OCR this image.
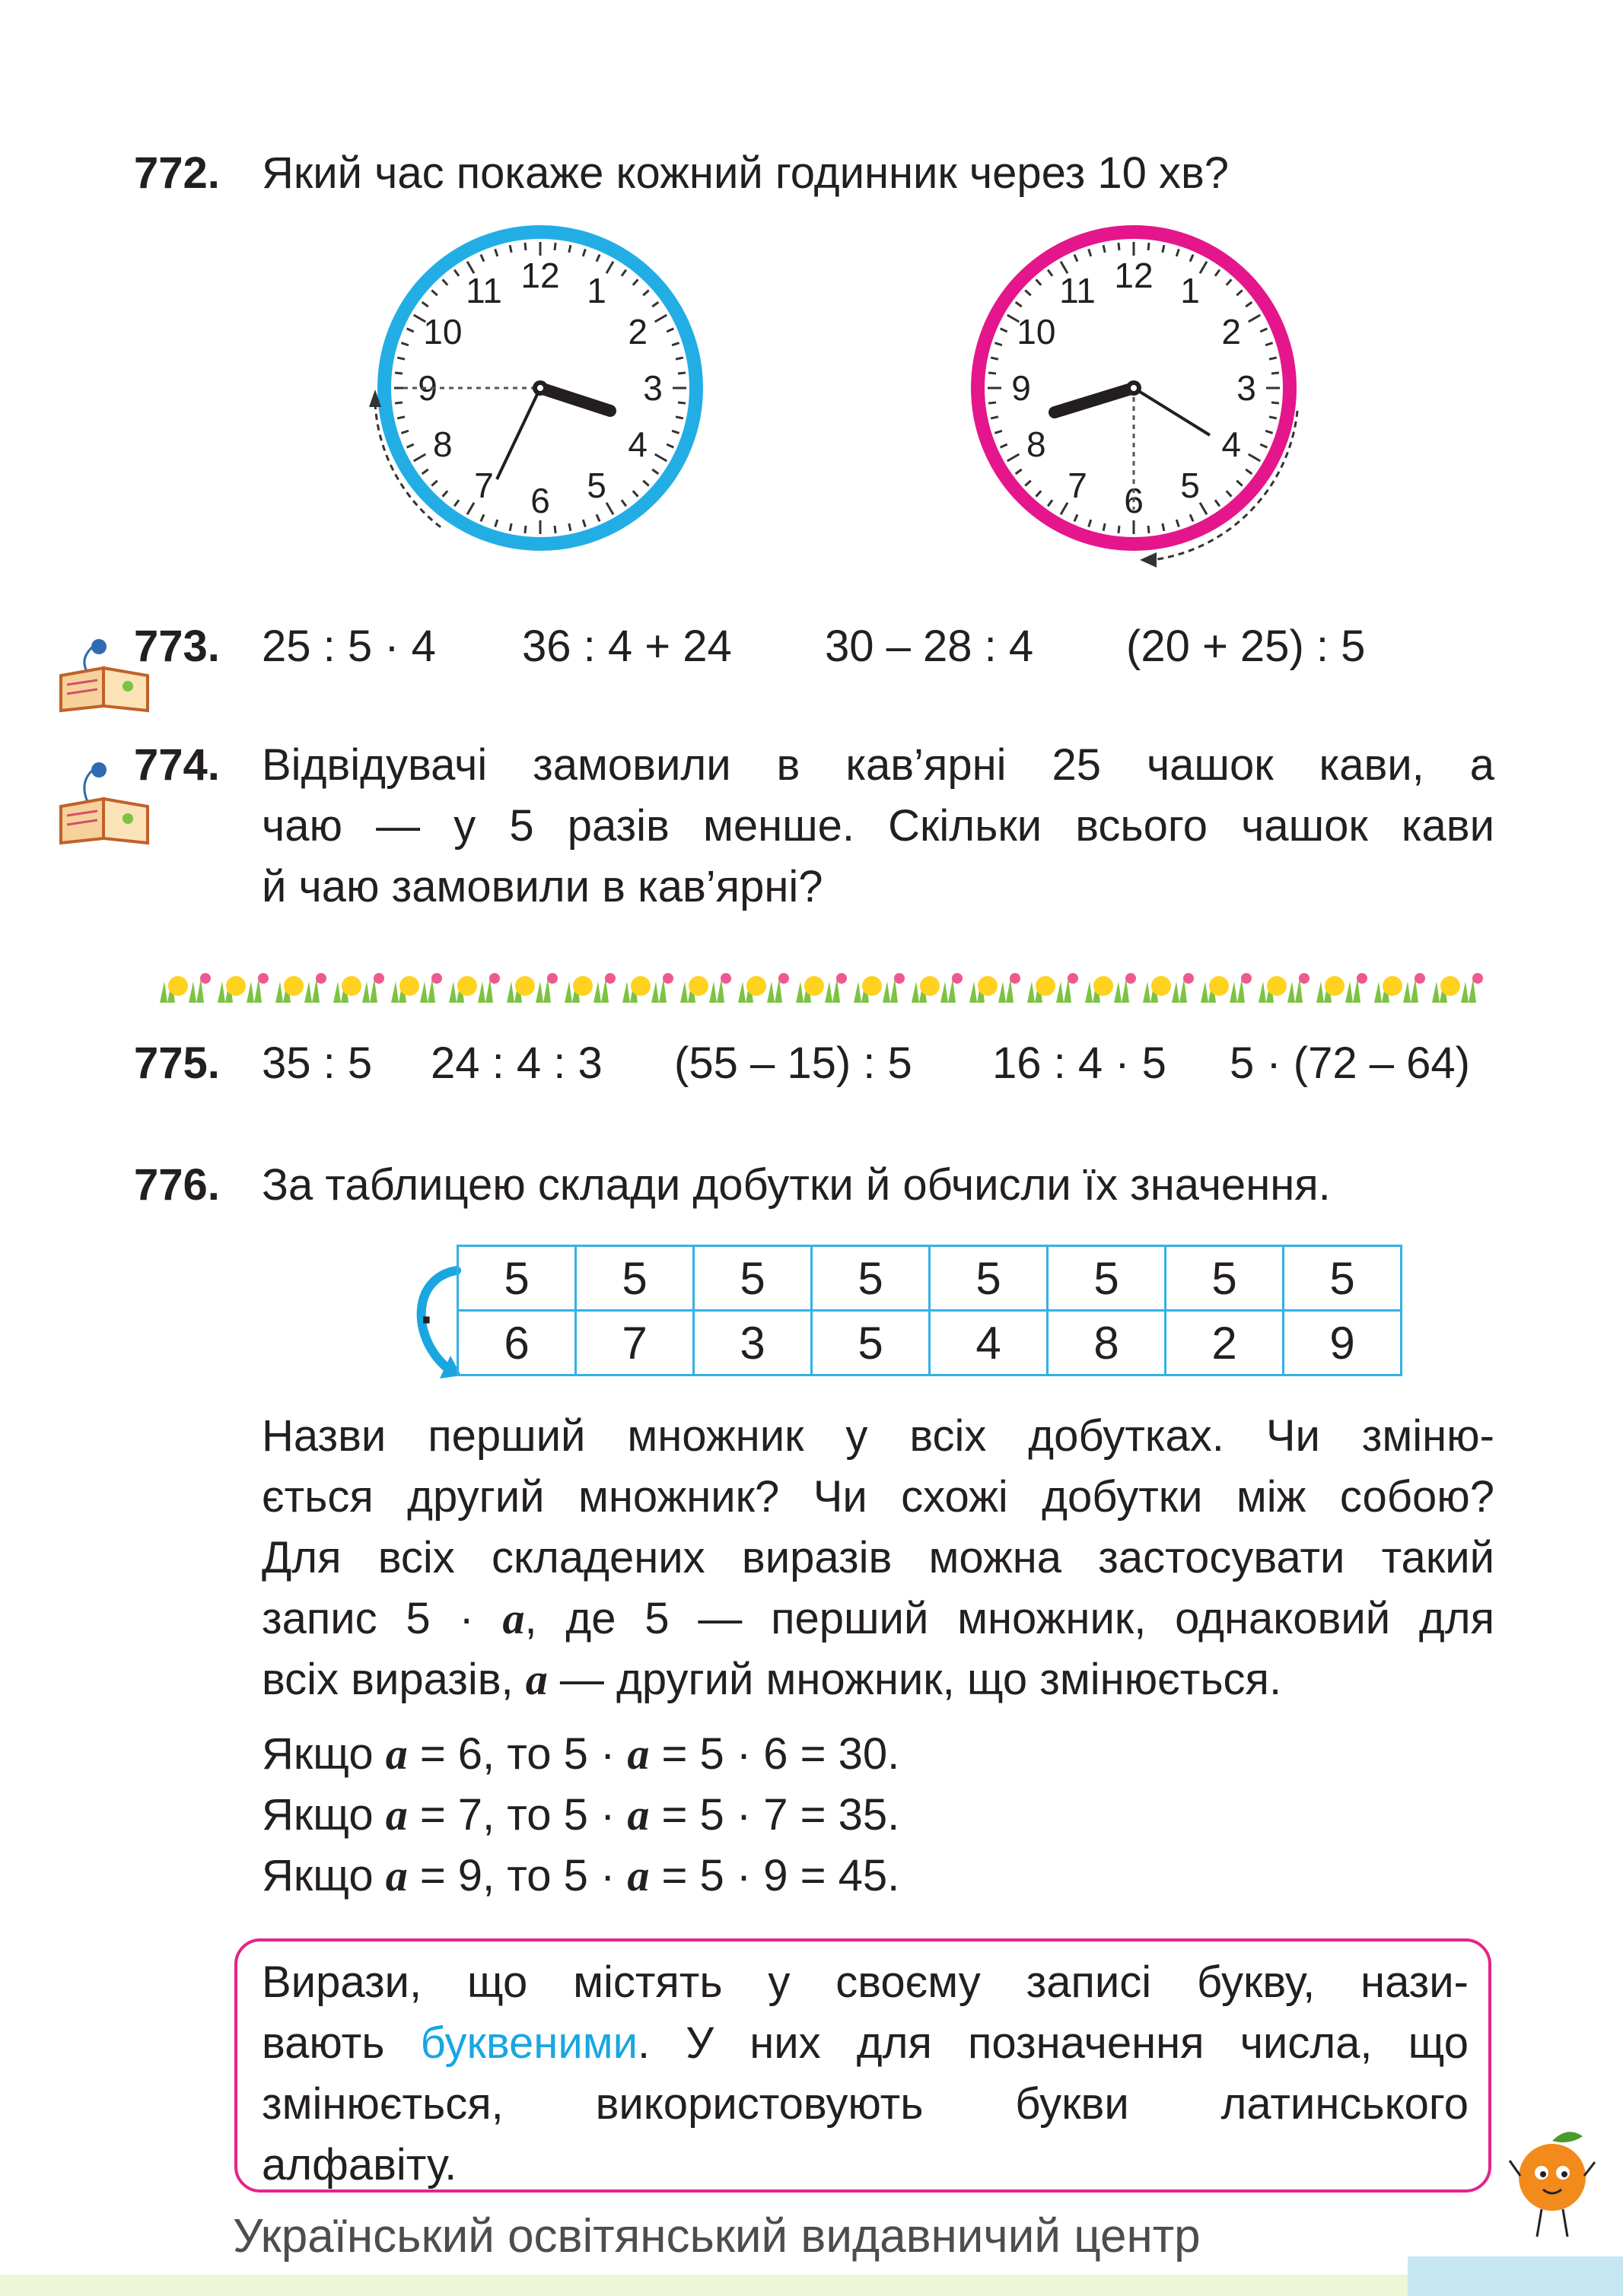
772. Який час покаже кожний годинник через 10 хв?
12 1
2
3
4
5
6
7
8
9
10
11	12 1
2
3
4
5
6
7
8
9
10
11
773. 25 : 5 · 4 36 : 4 + 24 30 – 28 : 4 (20 + 25) : 5
774. Відвідувачі замовили в кав’ярні 25 чашок кави, а
чаю — у 5 разів менше. Скільки всього чашок кави
й чаю замовили в кав’ярні?
775. 35 : 5 24 : 4 : 3 (55 – 15) : 5 16 : 4 · 5 5 · (72 – 64)
776. За таблицею склади добутки й обчисли їх значення.
·
5	5	5	5	5	5	5	5
6	7	3	5	4	8	2	9
Назви перший множник у всіх добутках. Чи зміню-
ється другий множник? Чи схожі добутки між собою?
Для всіх складених виразів можна застосувати такий
запис 5 · a, де 5 — перший множник, однаковий для
всіх виразів, a — другий множник, що змінюється.
Якщо a = 6, то 5 · a = 5 · 6 = 30.
Якщо a = 7, то 5 · a = 5 · 7 = 35.
Якщо a = 9, то 5 · a = 5 · 9 = 45.
Вирази, що містять у своєму записі букву, нази-
вають буквеними. У них для позначення числа, що
змінюється, використовують букви латинського
алфавіту.
Український освітянський видавничий центр
